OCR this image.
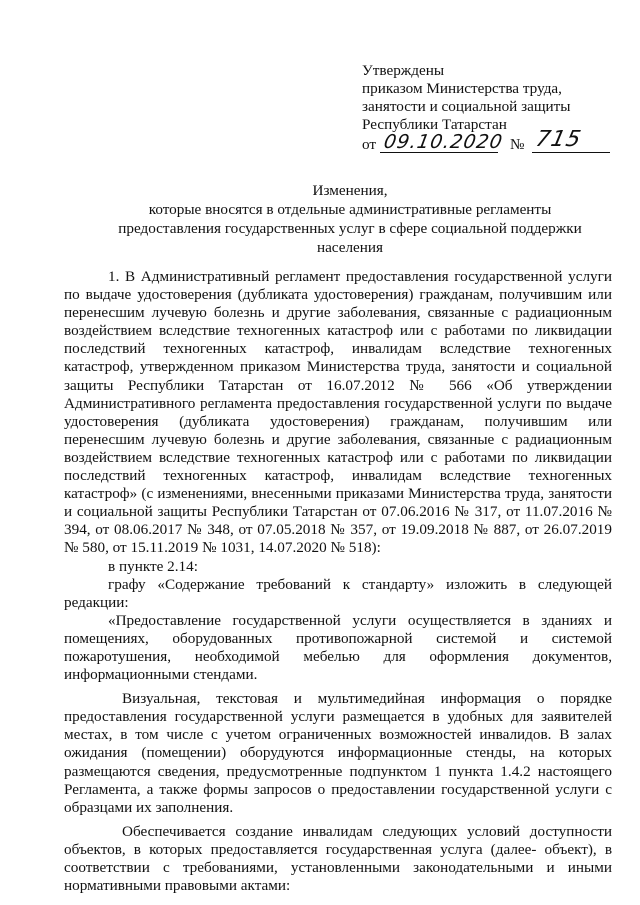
Утверждены
приказом Министерства труда,
занятости и социальной защиты
Республики Татарстан
от 09.10.2020 № 715
Изменения,
которые вносятся в отдельные административные регламенты предоставления государственных услуг в сфере социальной поддержки населения

1. В Административный регламент предоставления государственной услуги по выдаче удостоверения (дубликата удостоверения) гражданам, получившим или перенесшим лучевую болезнь и другие заболевания, связанные с радиационным воздействием вследствие техногенных катастроф или с работами по ликвидации последствий техногенных катастроф, инвалидам вследствие техногенных катастроф, утвержденном приказом Министерства труда, занятости и социальной защиты Республики Татарстан от 16.07.2012 № 566 «Об утверждении Административного регламента предоставления государственной услуги по выдаче удостоверения (дубликата удостоверения) гражданам, получившим или перенесшим лучевую болезнь и другие заболевания, связанные с радиационным воздействием вследствие техногенных катастроф или с работами по ликвидации последствий техногенных катастроф, инвалидам вследствие техногенных катастроф» (с изменениями, внесенными приказами Министерства труда, занятости и социальной защиты Республики Татарстан от 07.06.2016 № 317, от 11.07.2016 № 394, от 08.06.2017 № 348, от 07.05.2018 № 357, от 19.09.2018 № 887, от 26.07.2019 № 580, от 15.11.2019 № 1031, 14.07.2020 № 518):

в пункте 2.14:

графу «Содержание требований к стандарту» изложить в следующей редакции:

«Предоставление государственной услуги осуществляется в зданиях и помещениях, оборудованных противопожарной системой и системой пожаротушения, необходимой мебелью для оформления документов, информационными стендами.

Визуальная, текстовая и мультимедийная информация о порядке предоставления государственной услуги размещается в удобных для заявителей местах, в том числе с учетом ограниченных возможностей инвалидов. В залах ожидания (помещении) оборудуются информационные стенды, на которых размещаются сведения, предусмотренные подпунктом 1 пункта 1.4.2 настоящего Регламента, а также формы запросов о предоставлении государственной услуги с образцами их заполнения.

Обеспечивается создание инвалидам следующих условий доступности объектов, в которых предоставляется государственная услуга (далее- объект), в соответствии с требованиями, установленными законодательными и иными нормативными правовыми актами:
